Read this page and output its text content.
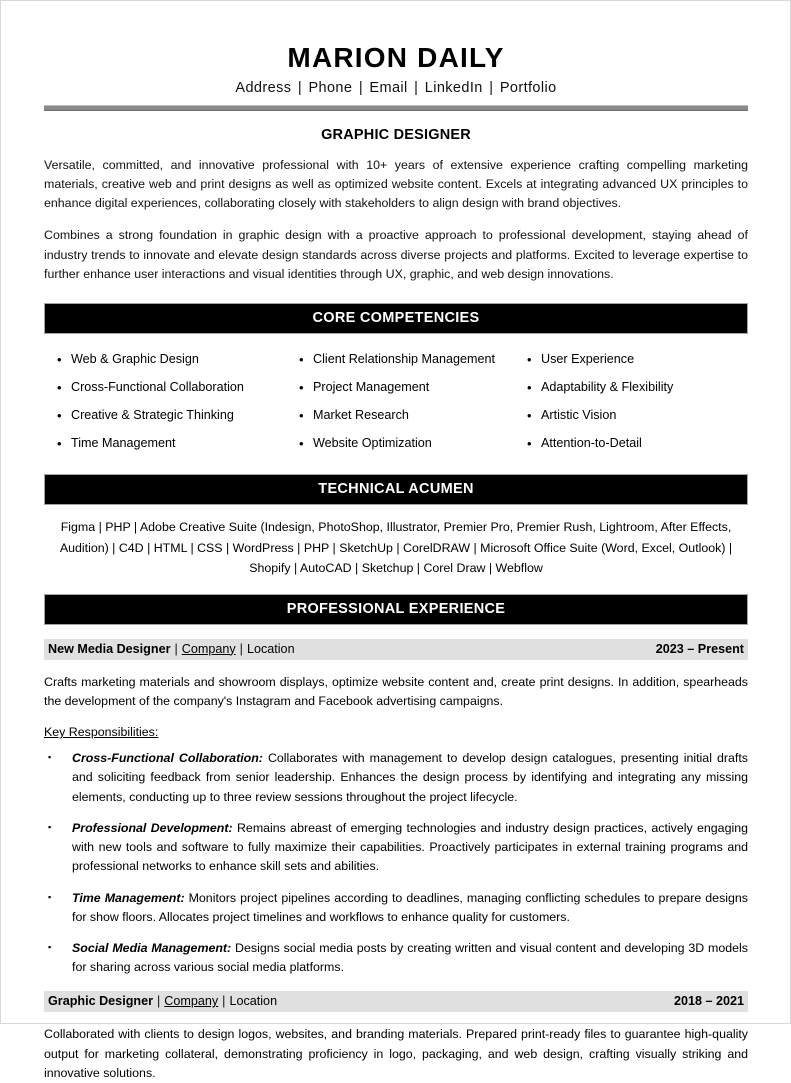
MARION DAILY
Address | Phone | Email | LinkedIn | Portfolio
GRAPHIC DESIGNER
Versatile, committed, and innovative professional with 10+ years of extensive experience crafting compelling marketing materials, creative web and print designs as well as optimized website content. Excels at integrating advanced UX principles to enhance digital experiences, collaborating closely with stakeholders to align design with brand objectives.
Combines a strong foundation in graphic design with a proactive approach to professional development, staying ahead of industry trends to innovate and elevate design standards across diverse projects and platforms. Excited to leverage expertise to further enhance user interactions and visual identities through UX, graphic, and web design innovations.
CORE COMPETENCIES
• Web & Graphic Design	• Client Relationship Management	• User Experience
• Cross-Functional Collaboration	• Project Management	• Adaptability & Flexibility
• Creative & Strategic Thinking	• Market Research	• Artistic Vision
• Time Management	• Website Optimization	• Attention-to-Detail
TECHNICAL ACUMEN
Figma | PHP | Adobe Creative Suite (Indesign, PhotoShop, Illustrator, Premier Pro, Premier Rush, Lightroom, After Effects, Audition) | C4D | HTML | CSS | WordPress | PHP | SketchUp | CorelDRAW | Microsoft Office Suite (Word, Excel, Outlook) | Shopify | AutoCAD | Sketchup | Corel Draw | Webflow
PROFESSIONAL EXPERIENCE
New Media Designer | Company | Location	2023 – Present
Crafts marketing materials and showroom displays, optimize website content and, create print designs. In addition, spearheads the development of the company's Instagram and Facebook advertising campaigns.
Key Responsibilities:
▪	Cross-Functional Collaboration: Collaborates with management to develop design catalogues, presenting initial drafts and soliciting feedback from senior leadership. Enhances the design process by identifying and integrating any missing elements, conducting up to three review sessions throughout the project lifecycle.
▪	Professional Development: Remains abreast of emerging technologies and industry design practices, actively engaging with new tools and software to fully maximize their capabilities. Proactively participates in external training programs and professional networks to enhance skill sets and abilities.
▪	Time Management: Monitors project pipelines according to deadlines, managing conflicting schedules to prepare designs for show floors. Allocates project timelines and workflows to enhance quality for customers.
▪	Social Media Management: Designs social media posts by creating written and visual content and developing 3D models for sharing across various social media platforms.
Graphic Designer | Company | Location	2018 – 2021
Collaborated with clients to design logos, websites, and branding materials. Prepared print-ready files to guarantee high-quality output for marketing collateral, demonstrating proficiency in logo, packaging, and web design, crafting visually striking and innovative solutions.
